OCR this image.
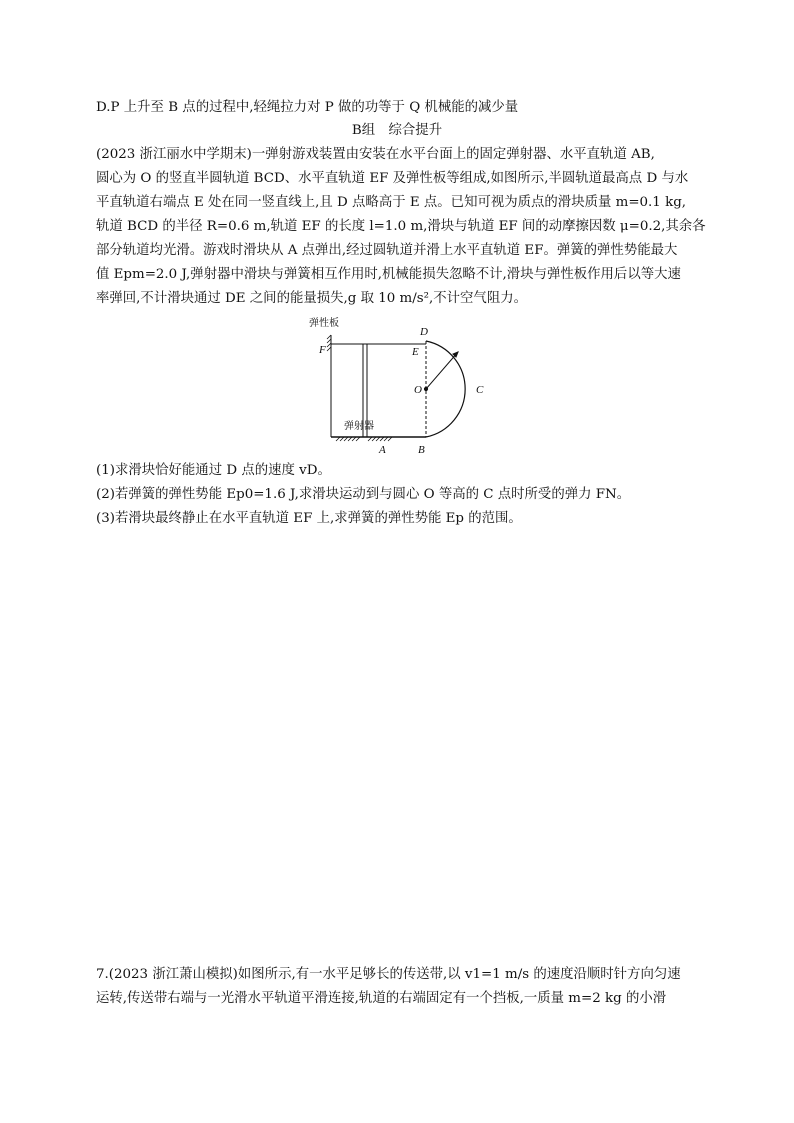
D.P 上升至 B 点的过程中,轻绳拉力对 P 做的功等于 Q 机械能的减少量
B组　综合提升
(2023 浙江丽水中学期末)一弹射游戏装置由安装在水平台面上的固定弹射器、水平直轨道 AB,
圆心为 O 的竖直半圆轨道 BCD、水平直轨道 EF 及弹性板等组成,如图所示,半圆轨道最高点 D 与水
平直轨道右端点 E 处在同一竖直线上,且 D 点略高于 E 点。已知可视为质点的滑块质量 m=0.1 kg,
轨道 BCD 的半径 R=0.6 m,轨道 EF 的长度 l=1.0 m,滑块与轨道 EF 间的动摩擦因数 μ=0.2,其余各
部分轨道均光滑。游戏时滑块从 A 点弹出,经过圆轨道并滑上水平直轨道 EF。弹簧的弹性势能最大
值 Epm=2.0 J,弹射器中滑块与弹簧相互作用时,机械能损失忽略不计,滑块与弹性板作用后以等大速
率弹回,不计滑块通过 DE 之间的能量损失,g 取 10 m/s²,不计空气阻力。
弹性板
F
D
E
O	C
弹射器
A	B
(1)求滑块恰好能通过 D 点的速度 vD。
(2)若弹簧的弹性势能 Ep0=1.6 J,求滑块运动到与圆心 O 等高的 C 点时所受的弹力 FN。
(3)若滑块最终静止在水平直轨道 EF 上,求弹簧的弹性势能 Ep 的范围。
7.(2023 浙江萧山模拟)如图所示,有一水平足够长的传送带,以 v1=1 m/s 的速度沿顺时针方向匀速
运转,传送带右端与一光滑水平轨道平滑连接,轨道的右端固定有一个挡板,一质量 m=2 kg 的小滑
